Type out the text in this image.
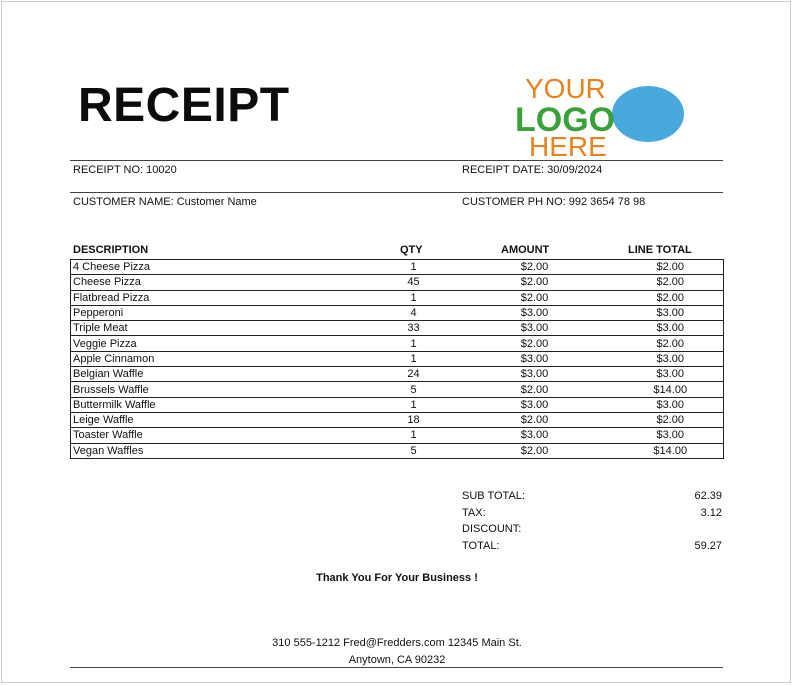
RECEIPT	YOUR
LOGO
HERE
RECEIPT NO: 10020	RECEIPT DATE: 30/09/2024
CUSTOMER NAME: Customer Name	CUSTOMER PH NO: 992 3654 78 98
DESCRIPTION	QTY	AMOUNT	LINE TOTAL
4 Cheese Pizza	1	$2.00	$2.00
Cheese Pizza	45	$2.00	$2.00
Flatbread Pizza	1	$2.00	$2.00
Pepperoni	4	$3.00	$3.00
Triple Meat	33	$3.00	$3.00
Veggie Pizza	1	$2.00	$2.00
Apple Cinnamon	1	$3.00	$3.00
Belgian Waffle	24	$3.00	$3.00
Brussels Waffle	5	$2.00	$14.00
Buttermilk Waffle	1	$3.00	$3.00
Leige Waffle	18	$2.00	$2.00
Toaster Waffle	1	$3.00	$3.00
Vegan Waffles	5	$2.00	$14.00
SUB TOTAL:	62.39
TAX:	3.12
DISCOUNT:
TOTAL:	59.27
Thank You For Your Business !
310 555-1212 Fred@Fredders.com 12345 Main St.
Anytown, CA 90232
